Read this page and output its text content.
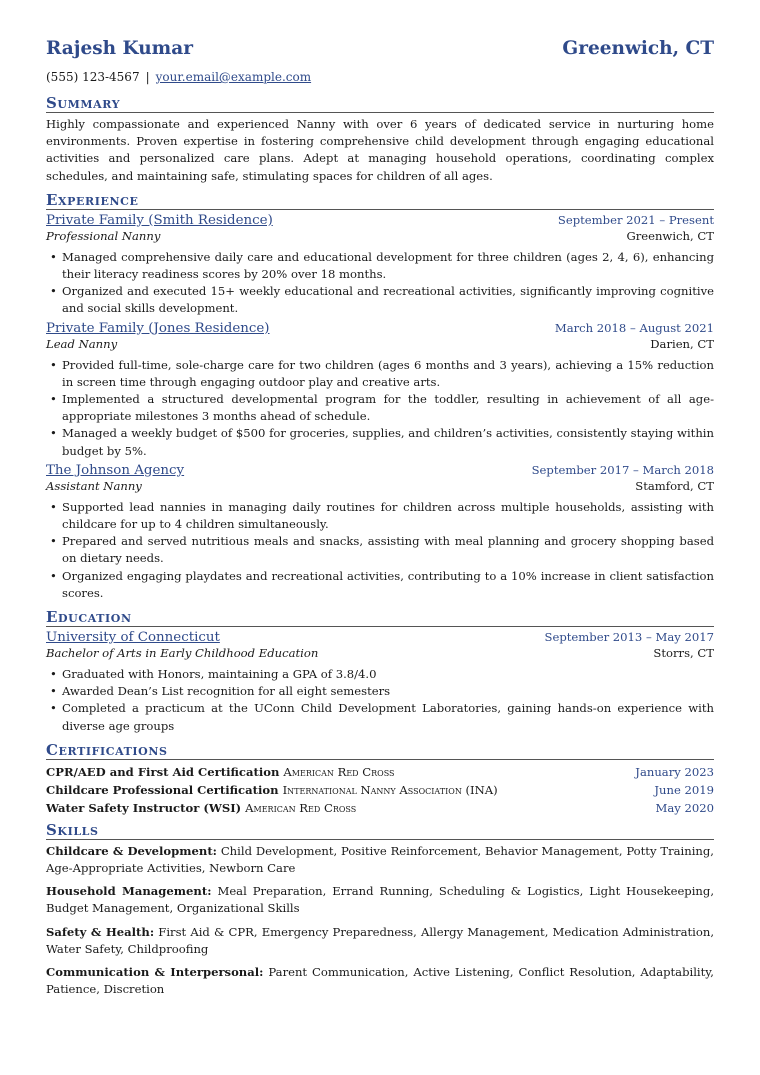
Rajesh Kumar	Greenwich, CT
(555) 123-4567 | your.email@example.com
Summary

Highly compassionate and experienced Nanny with over 6 years of dedicated service in nurturing home environments. Proven expertise in fostering comprehensive child development through engaging educational activities and personalized care plans. Adept at managing household operations, coordinating complex schedules, and maintaining safe, stimulating spaces for children of all ages.

Experience
Private Family (Smith Residence)	September 2021 – Present
Professional Nanny	Greenwich, CT
• Managed comprehensive daily care and educational development for three children (ages 2, 4, 6), enhancing their literacy readiness scores by 20% over 18 months.
• Organized and executed 15+ weekly educational and recreational activities, significantly improving cognitive and social skills development.
Private Family (Jones Residence)	March 2018 – August 2021
Lead Nanny	Darien, CT
• Provided full-time, sole-charge care for two children (ages 6 months and 3 years), achieving a 15% reduction in screen time through engaging outdoor play and creative arts.
• Implemented a structured developmental program for the toddler, resulting in achievement of all age-appropriate milestones 3 months ahead of schedule.
• Managed a weekly budget of $500 for groceries, supplies, and children’s activities, consistently staying within budget by 5%.
The Johnson Agency	September 2017 – March 2018
Assistant Nanny	Stamford, CT
• Supported lead nannies in managing daily routines for children across multiple households, assisting with childcare for up to 4 children simultaneously.
• Prepared and served nutritious meals and snacks, assisting with meal planning and grocery shopping based on dietary needs.
• Organized engaging playdates and recreational activities, contributing to a 10% increase in client satisfaction scores.
Education
University of Connecticut	September 2013 – May 2017
Bachelor of Arts in Early Childhood Education	Storrs, CT
• Graduated with Honors, maintaining a GPA of 3.8/4.0
• Awarded Dean’s List recognition for all eight semesters
• Completed a practicum at the UConn Child Development Laboratories, gaining hands-on experience with diverse age groups
Certifications
CPR/AED and First Aid Certification American Red Cross	January 2023
Childcare Professional Certification International Nanny Association (INA)	June 2019
Water Safety Instructor (WSI) American Red Cross	May 2020
Skills
Childcare & Development: Child Development, Positive Reinforcement, Behavior Management, Potty Training, Age-Appropriate Activities, Newborn Care
Household Management: Meal Preparation, Errand Running, Scheduling & Logistics, Light Housekeeping, Budget Management, Organizational Skills
Safety & Health: First Aid & CPR, Emergency Preparedness, Allergy Management, Medication Administration, Water Safety, Childproofing
Communication & Interpersonal: Parent Communication, Active Listening, Conflict Resolution, Adaptability, Patience, Discretion
